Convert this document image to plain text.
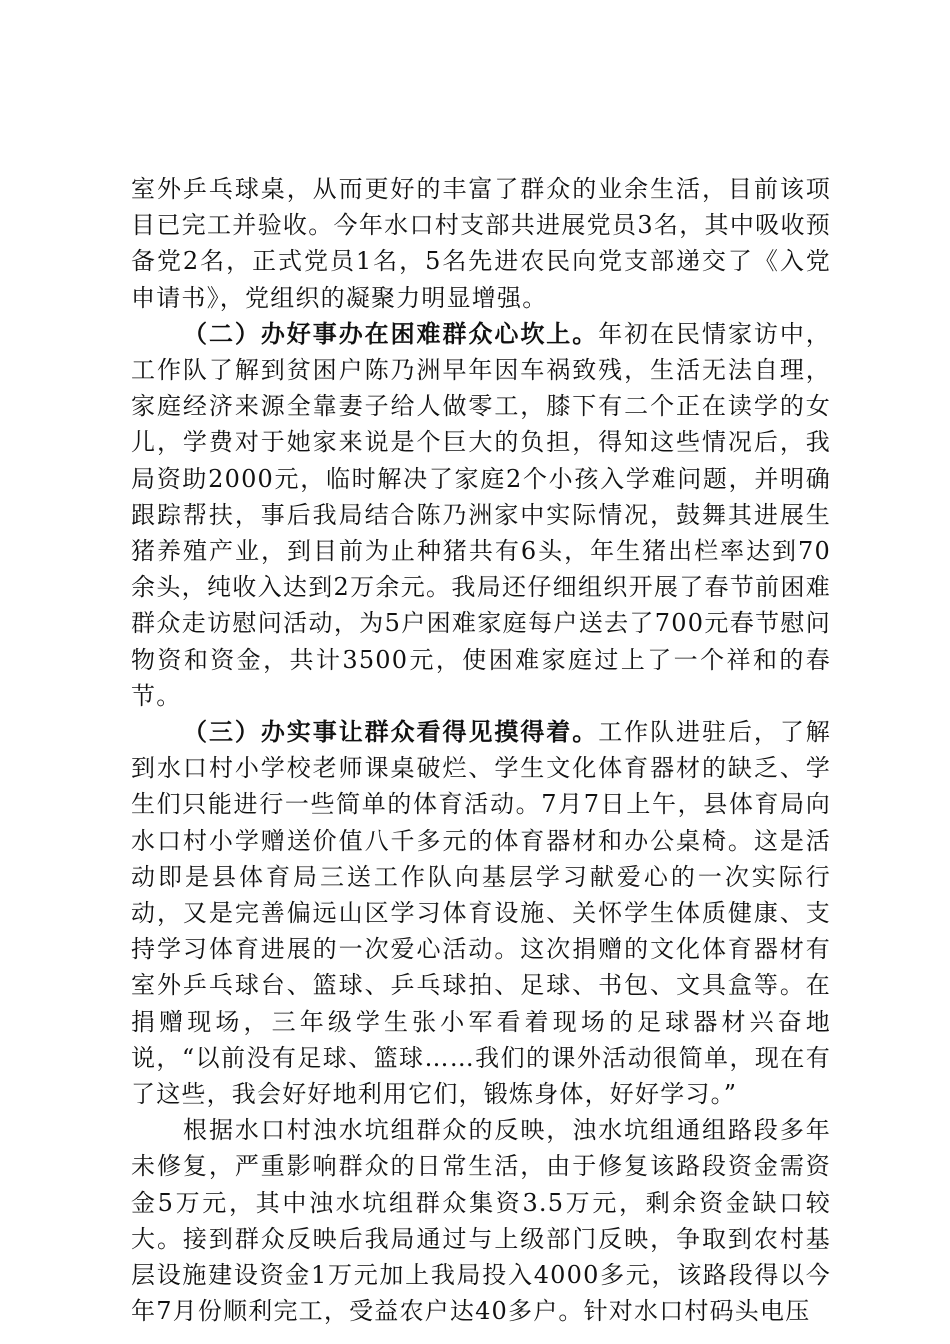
室外乒乓球桌，从而更好的丰富了群众的业余生活，目前该项目已完工并验收。今年水口村支部共进展党员3名，其中吸收预备党2名，正式党员1名，5名先进农民向党支部递交了《入党申请书》，党组织的凝聚力明显增强。

（二）办好事办在困难群众心坎上。年初在民情家访中，工作队了解到贫困户陈乃洲早年因车祸致残，生活无法自理，家庭经济来源全靠妻子给人做零工，膝下有二个正在读学的女儿，学费对于她家来说是个巨大的负担，得知这些情况后，我局资助2000元，临时解决了家庭2个小孩入学难问题，并明确跟踪帮扶，事后我局结合陈乃洲家中实际情况，鼓舞其进展生猪养殖产业，到目前为止种猪共有6头，年生猪出栏率达到70余头，纯收入达到2万余元。我局还仔细组织开展了春节前困难群众走访慰问活动，为5户困难家庭每户送去了700元春节慰问物资和资金，共计3500元，使困难家庭过上了一个祥和的春节。

（三）办实事让群众看得见摸得着。工作队进驻后，了解到水口村小学校老师课桌破烂、学生文化体育器材的缺乏、学生们只能进行一些简单的体育活动。7月7日上午，县体育局向水口村小学赠送价值八千多元的体育器材和办公桌椅。这是活动即是县体育局三送工作队向基层学习献爱心的一次实际行动，又是完善偏远山区学习体育设施、关怀学生体质健康、支持学习体育进展的一次爱心活动。这次捐赠的文化体育器材有室外乒乓球台、篮球、乒乓球拍、足球、书包、文具盒等。在捐赠现场，三年级学生张小军看着现场的足球器材兴奋地说，“以前没有足球、篮球……我们的课外活动很简单，现在有了这些，我会好好地利用它们，锻炼身体，好好学习。”

根据水口村浊水坑组群众的反映，浊水坑组通组路段多年未修复，严重影响群众的日常生活，由于修复该路段资金需资金5万元，其中浊水坑组群众集资3.5万元，剩余资金缺口较大。接到群众反映后我局通过与上级部门反映，争取到农村基层设施建设资金1万元加上我局投入4000多元，该路段得以今年7月份顺利完工，受益农户达40多户。针对水口村码头电压
